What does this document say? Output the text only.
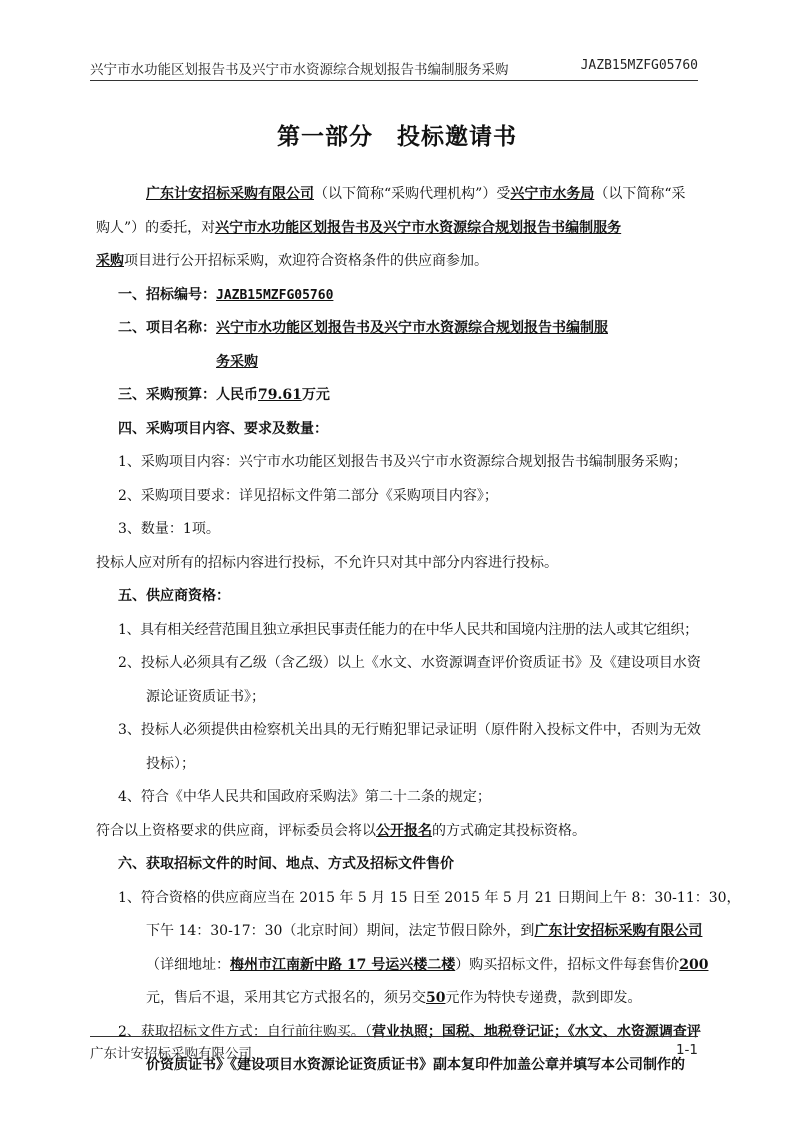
兴宁市水功能区划报告书及兴宁市水资源综合规划报告书编制服务采购	JAZB15MZFG05760
第一部分　投标邀请书

广东计安招标采购有限公司（以下简称“采购代理机构”）受兴宁市水务局（以下简称“采

购人”）的委托，对兴宁市水功能区划报告书及兴宁市水资源综合规划报告书编制服务

采购项目进行公开招标采购，欢迎符合资格条件的供应商参加。

一、招标编号：JAZB15MZFG05760

二、项目名称：兴宁市水功能区划报告书及兴宁市水资源综合规划报告书编制服

务采购

三、采购预算：人民币79.61万元

四、采购项目内容、要求及数量：

1、采购项目内容：兴宁市水功能区划报告书及兴宁市水资源综合规划报告书编制服务采购；

2、采购项目要求：详见招标文件第二部分《采购项目内容》；

3、数量：1项。

投标人应对所有的招标内容进行投标，不允许只对其中部分内容进行投标。

五、供应商资格：

1、具有相关经营范围且独立承担民事责任能力的在中华人民共和国境内注册的法人或其它组织；

2、投标人必须具有乙级（含乙级）以上《水文、水资源调查评价资质证书》及《建设项目水资

源论证资质证书》；

3、投标人必须提供由检察机关出具的无行贿犯罪记录证明（原件附入投标文件中，否则为无效

投标）；

4、符合《中华人民共和国政府采购法》第二十二条的规定；

符合以上资格要求的供应商，评标委员会将以公开报名的方式确定其投标资格。

六、获取招标文件的时间、地点、方式及招标文件售价

1、符合资格的供应商应当在 2015 年 5 月 15 日至 2015 年 5 月 21 日期间上午 8：30-11：30，

下午 14：30-17：30（北京时间）期间，法定节假日除外，到广东计安招标采购有限公司

（详细地址：梅州市江南新中路 17 号运兴楼二楼）购买招标文件，招标文件每套售价200

元，售后不退，采用其它方式报名的，须另交50元作为特快专递费，款到即发。

2、获取招标文件方式：自行前往购买。（营业执照；国税、地税登记证；《水文、水资源调查评

价资质证书》《建设项目水资源论证资质证书》副本复印件加盖公章并填写本公司制作的

广东计安招标采购有限公司	1-1
